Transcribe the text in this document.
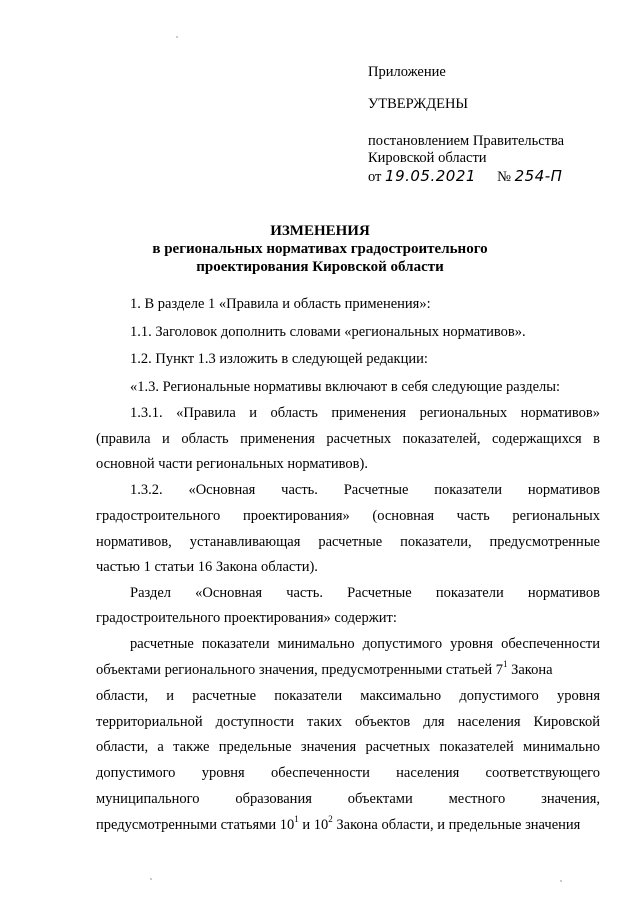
Приложение
УТВЕРЖДЕНЫ
постановлением Правительства
Кировской области
от 19.05.2021 № 254-П
ИЗМЕНЕНИЯ
в региональных нормативах градостроительного
проектирования Кировской области
1. В разделе 1 «Правила и область применения»:
1.1. Заголовок дополнить словами «региональных нормативов».
1.2. Пункт 1.3 изложить в следующей редакции:
«1.3. Региональные нормативы включают в себя следующие разделы:
1.3.1. «Правила и область применения региональных нормативов»
(правила и область применения расчетных показателей, содержащихся в
основной части региональных нормативов).
1.3.2. «Основная часть. Расчетные показатели нормативов
градостроительного проектирования» (основная часть региональных
нормативов, устанавливающая расчетные показатели, предусмотренные
частью 1 статьи 16 Закона области).
Раздел «Основная часть. Расчетные показатели нормативов
градостроительного проектирования» содержит:
расчетные показатели минимально допустимого уровня обеспеченности
объектами регионального значения, предусмотренными статьей $7^1$ Закона
области, и расчетные показатели максимально допустимого уровня
территориальной доступности таких объектов для населения Кировской
области, а также предельные значения расчетных показателей минимально
допустимого уровня обеспеченности населения соответствующего
муниципального образования объектами местного значения,
предусмотренными статьями $10^1$ и $10^2$ Закона области, и предельные значения
